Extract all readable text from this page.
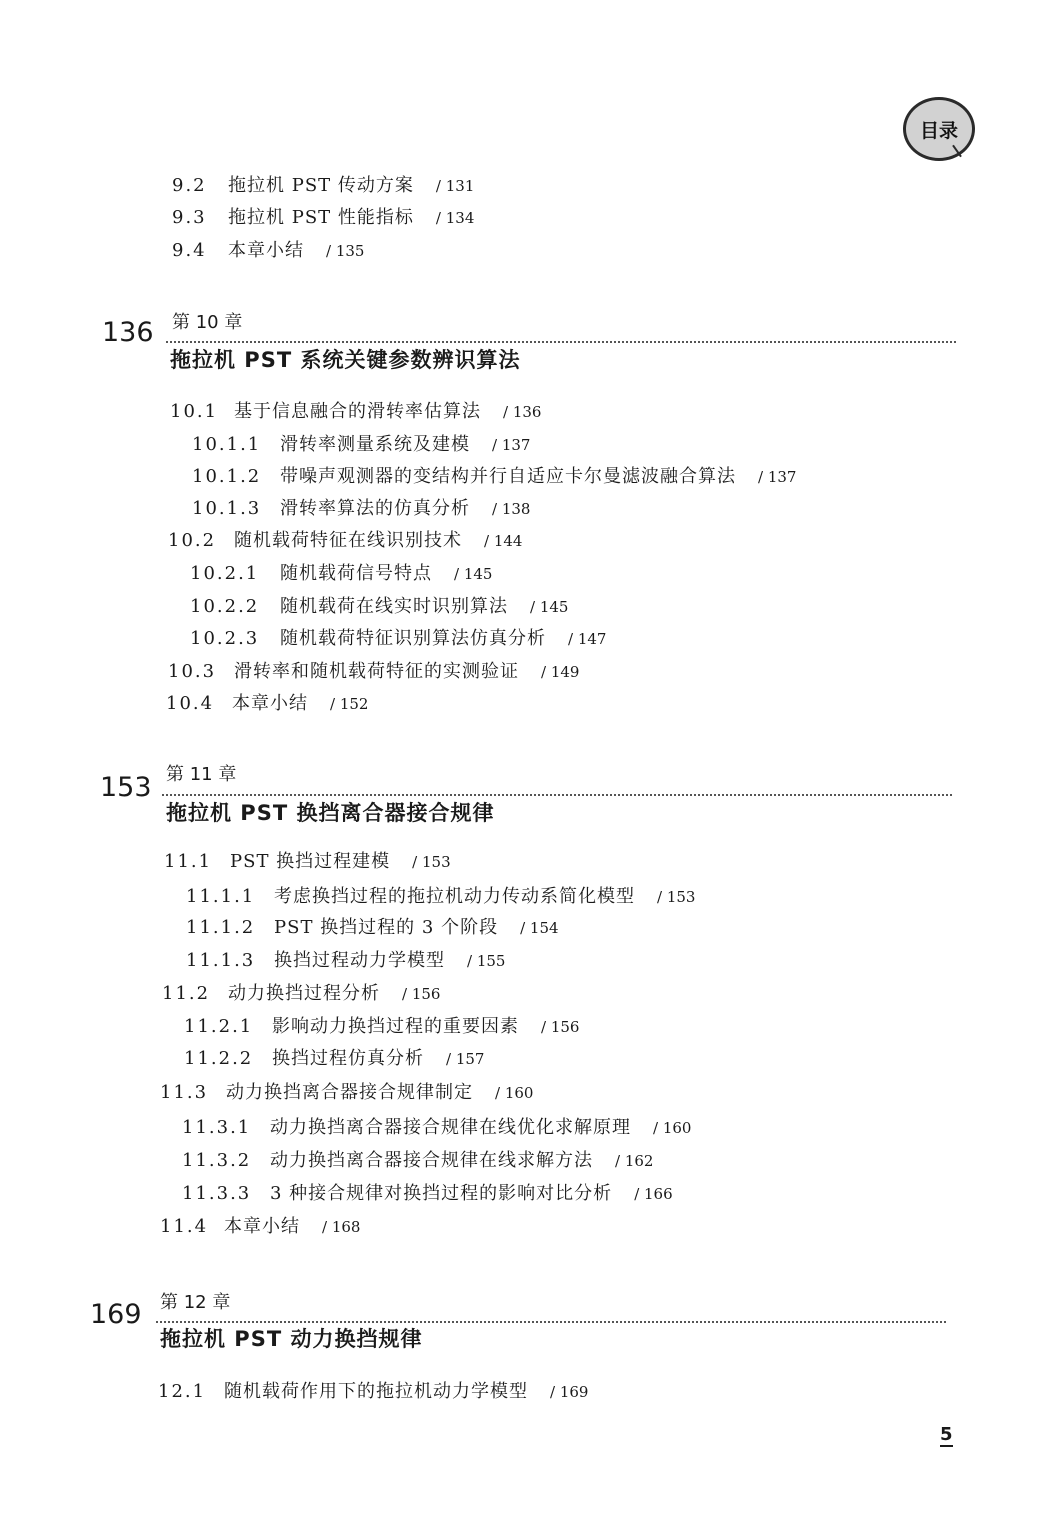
目录
9.2 拖拉机 PST 传动方案 / 131
9.3 拖拉机 PST 性能指标 / 134
9.4 本章小结 / 135
136 第 10 章
拖拉机 PST 系统关键参数辨识算法
10.1 基于信息融合的滑转率估算法 / 136
10.1.1 滑转率测量系统及建模 / 137
10.1.2 带噪声观测器的变结构并行自适应卡尔曼滤波融合算法 / 137
10.1.3 滑转率算法的仿真分析 / 138
10.2 随机载荷特征在线识别技术 / 144
10.2.1 随机载荷信号特点 / 145
10.2.2 随机载荷在线实时识别算法 / 145
10.2.3 随机载荷特征识别算法仿真分析 / 147
10.3 滑转率和随机载荷特征的实测验证 / 149
10.4 本章小结 / 152
153 第 11 章
拖拉机 PST 换挡离合器接合规律
11.1 PST 换挡过程建模 / 153
11.1.1 考虑换挡过程的拖拉机动力传动系简化模型 / 153
11.1.2 PST 换挡过程的 3 个阶段 / 154
11.1.3 换挡过程动力学模型 / 155
11.2 动力换挡过程分析 / 156
11.2.1 影响动力换挡过程的重要因素 / 156
11.2.2 换挡过程仿真分析 / 157
11.3 动力换挡离合器接合规律制定 / 160
11.3.1 动力换挡离合器接合规律在线优化求解原理 / 160
11.3.2 动力换挡离合器接合规律在线求解方法 / 162
11.3.3 3 种接合规律对换挡过程的影响对比分析 / 166
11.4 本章小结 / 168
169 第 12 章
拖拉机 PST 动力换挡规律
12.1 随机载荷作用下的拖拉机动力学模型 / 169
5
